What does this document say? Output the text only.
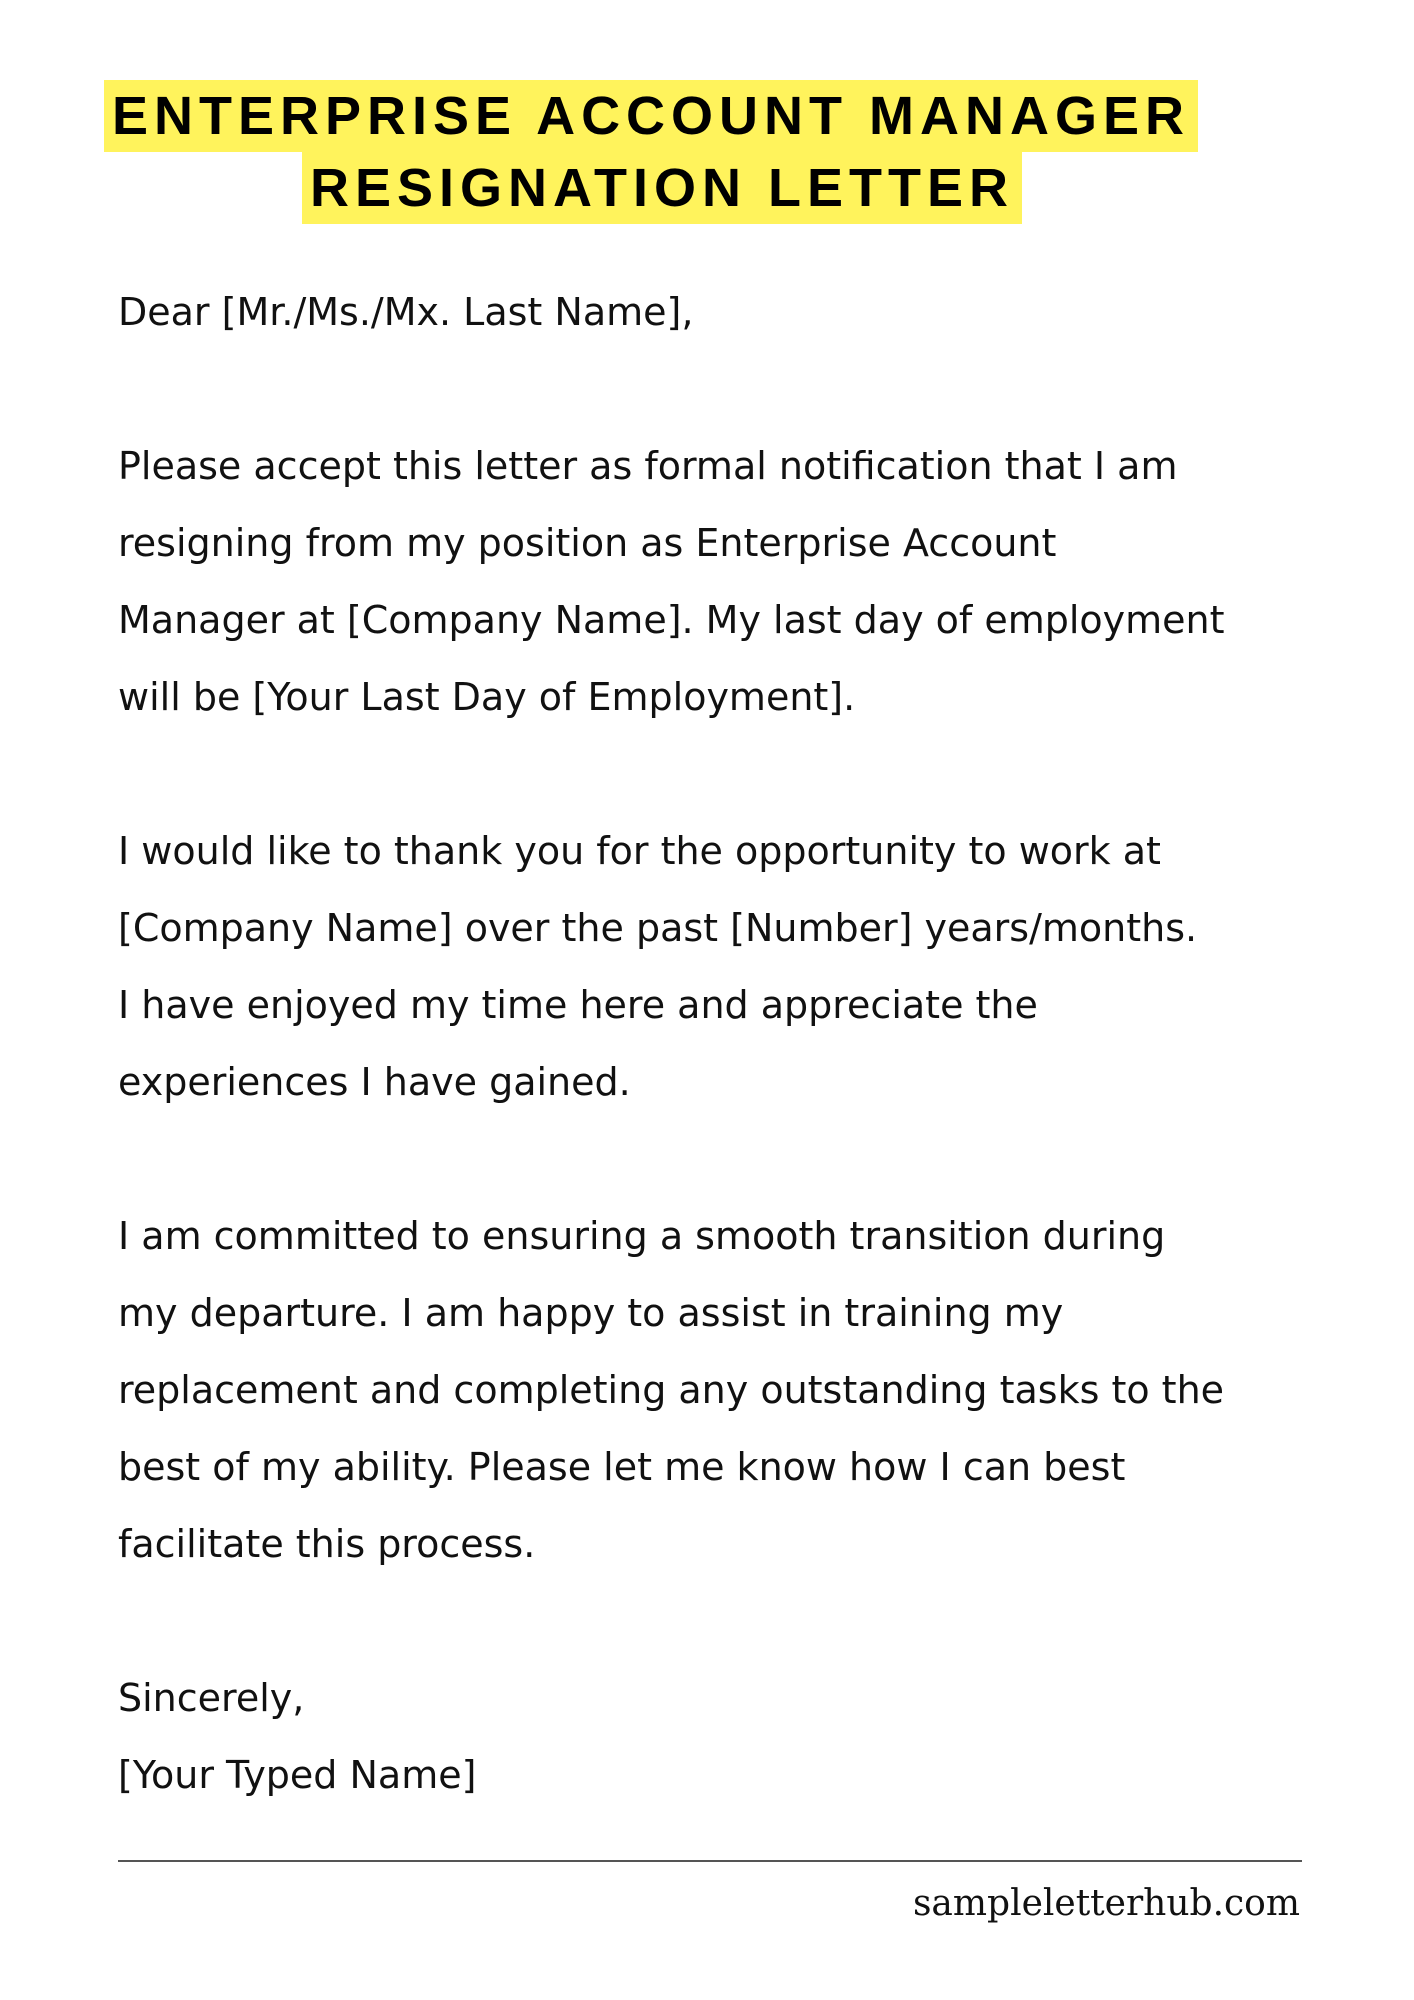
ENTERPRISE ACCOUNT MANAGER
RESIGNATION LETTER

Dear [Mr./Ms./Mx. Last Name],

Please accept this letter as formal notification that I am
resigning from my position as Enterprise Account
Manager at [Company Name]. My last day of employment
will be [Your Last Day of Employment].

I would like to thank you for the opportunity to work at
[Company Name] over the past [Number] years/months.
I have enjoyed my time here and appreciate the
experiences I have gained.

I am committed to ensuring a smooth transition during
my departure. I am happy to assist in training my
replacement and completing any outstanding tasks to the
best of my ability. Please let me know how I can best
facilitate this process.

Sincerely,

[Your Typed Name]

sampleletterhub.com
